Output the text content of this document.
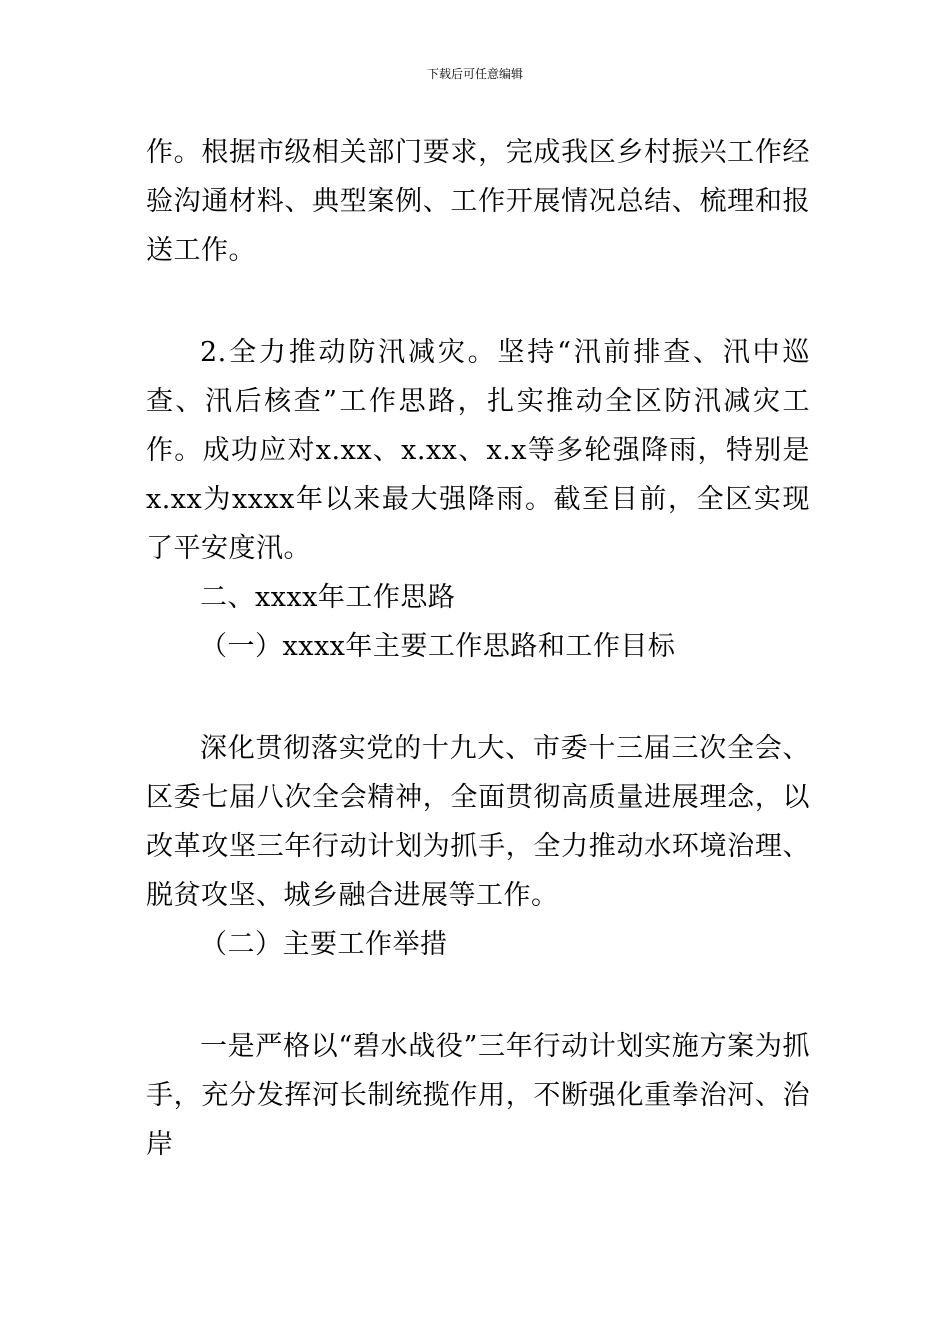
下载后可任意编辑

作。根据市级相关部门要求，完成我区乡村振兴工作经验沟通材料、典型案例、工作开展情况总结、梳理和报送工作。

2.全力推动防汛减灾。坚持“汛前排查、汛中巡查、汛后核查”工作思路，扎实推动全区防汛减灾工作。成功应对x.xx、x.xx、x.x等多轮强降雨，特别是x.xx为xxxx年以来最大强降雨。截至目前，全区实现了平安度汛。

二、xxxx年工作思路

（一）xxxx年主要工作思路和工作目标

深化贯彻落实党的十九大、市委十三届三次全会、区委七届八次全会精神，全面贯彻高质量进展理念，以改革攻坚三年行动计划为抓手，全力推动水环境治理、脱贫攻坚、城乡融合进展等工作。

（二）主要工作举措

一是严格以“碧水战役”三年行动计划实施方案为抓手，充分发挥河长制统揽作用，不断强化重拳治河、治岸
